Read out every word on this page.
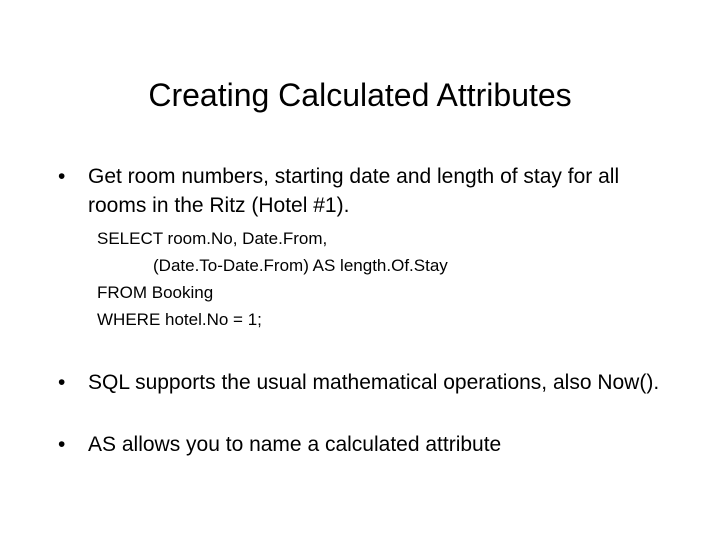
Creating Calculated Attributes
• Get room numbers, starting date and length of stay for all rooms in the Ritz (Hotel #1).
SELECT room.No, Date.From,
(Date.To-Date.From) AS length.Of.Stay
FROM Booking
WHERE hotel.No = 1;
• SQL supports the usual mathematical operations, also Now().
• AS allows you to name a calculated attribute
